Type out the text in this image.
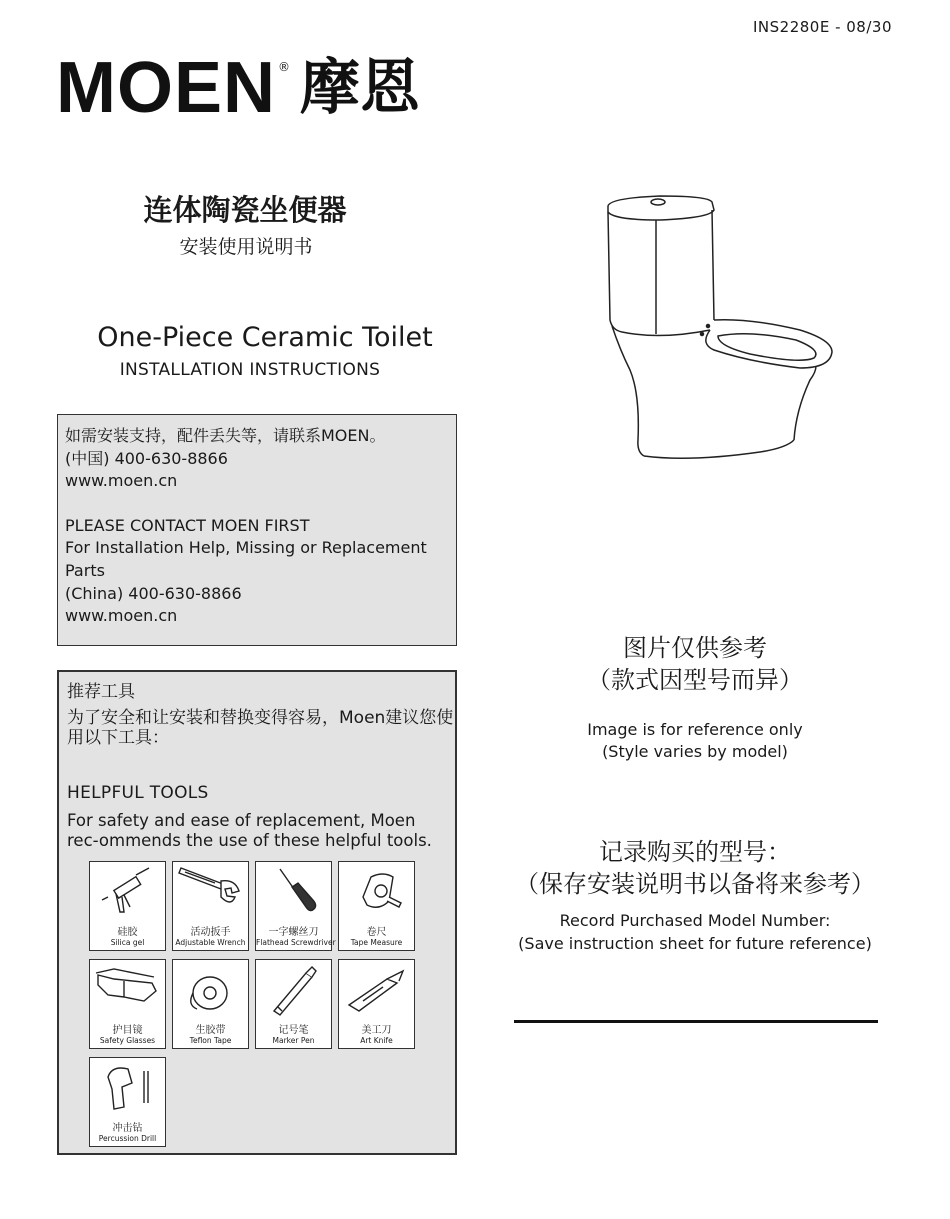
INS2280E - 08/30
MOEN ® 摩恩
连体陶瓷坐便器
安装使用说明书
One-Piece Ceramic Toilet
INSTALLATION INSTRUCTIONS
如需安装支持，配件丢失等，请联系MOEN。
(中国) 400-630-8866
www.moen.cn
PLEASE CONTACT MOEN FIRST
For Installation Help, Missing or Replacement
Parts
(China) 400-630-8866
www.moen.cn
推荐工具
为了安全和让安装和替换变得容易，Moen建议您使用以下工具：
HELPFUL TOOLS
For safety and ease of replacement, Moen rec-ommends the use of these helpful tools.
硅胶
Silica gel
活动扳手
Adjustable Wrench
一字螺丝刀
Flathead Screwdriver
卷尺
Tape Measure
护目镜
Safety Glasses
生胶带
Teflon Tape
记号笔
Marker Pen
美工刀
Art Knife
冲击钻
Percussion Drill
图片仅供参考
（款式因型号而异）
Image is for reference only
(Style varies by model)
记录购买的型号：
（保存安装说明书以备将来参考）
Record Purchased Model Number:
(Save instruction sheet for future reference)
